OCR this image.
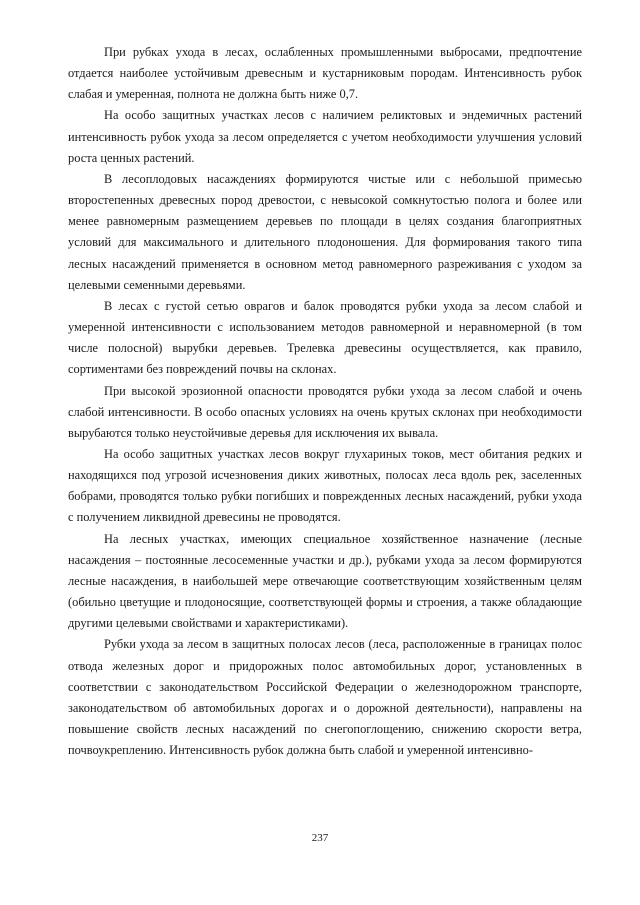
При рубках ухода в лесах, ослабленных промышленными выбросами, предпочтение отдается наиболее устойчивым древесным и кустарниковым породам. Интенсивность рубок слабая и умеренная, полнота не должна быть ниже 0,7.

На особо защитных участках лесов с наличием реликтовых и эндемичных растений интенсивность рубок ухода за лесом определяется с учетом необходимости улучшения условий роста ценных растений.

В лесоплодовых насаждениях формируются чистые или с небольшой примесью второстепенных древесных пород древостои, с невысокой сомкнутостью полога и более или менее равномерным размещением деревьев по площади в целях создания благоприятных условий для максимального и длительного плодоношения. Для формирования такого типа лесных насаждений применяется в основном метод равномерного разреживания с уходом за целевыми семенными деревьями.

В лесах с густой сетью оврагов и балок проводятся рубки ухода за лесом слабой и умеренной интенсивности с использованием методов равномерной и неравномерной (в том числе полосной) вырубки деревьев. Трелевка древесины осуществляется, как правило, сортиментами без повреждений почвы на склонах.

При высокой эрозионной опасности проводятся рубки ухода за лесом слабой и очень слабой интенсивности. В особо опасных условиях на очень крутых склонах при необходимости вырубаются только неустойчивые деревья для исключения их вывала.

На особо защитных участках лесов вокруг глухариных токов, мест обитания редких и находящихся под угрозой исчезновения диких животных, полосах леса вдоль рек, заселенных бобрами, проводятся только рубки погибших и поврежденных лесных насаждений, рубки ухода с получением ликвидной древесины не проводятся.

На лесных участках, имеющих специальное хозяйственное назначение (лесные насаждения – постоянные лесосеменные участки и др.), рубками ухода за лесом формируются лесные насаждения, в наибольшей мере отвечающие соответствующим хозяйственным целям (обильно цветущие и плодоносящие, соответствующей формы и строения, а также обладающие другими целевыми свойствами и характеристиками).

Рубки ухода за лесом в защитных полосах лесов (леса, расположенные в границах полос отвода железных дорог и придорожных полос автомобильных дорог, установленных в соответствии с законодательством Российской Федерации о железнодорожном транспорте, законодательством об автомобильных дорогах и о дорожной деятельности), направлены на повышение свойств лесных насаждений по снегопоглощению, снижению скорости ветра, почвоукреплению. Интенсивность рубок должна быть слабой и умеренной интенсивно-

237
